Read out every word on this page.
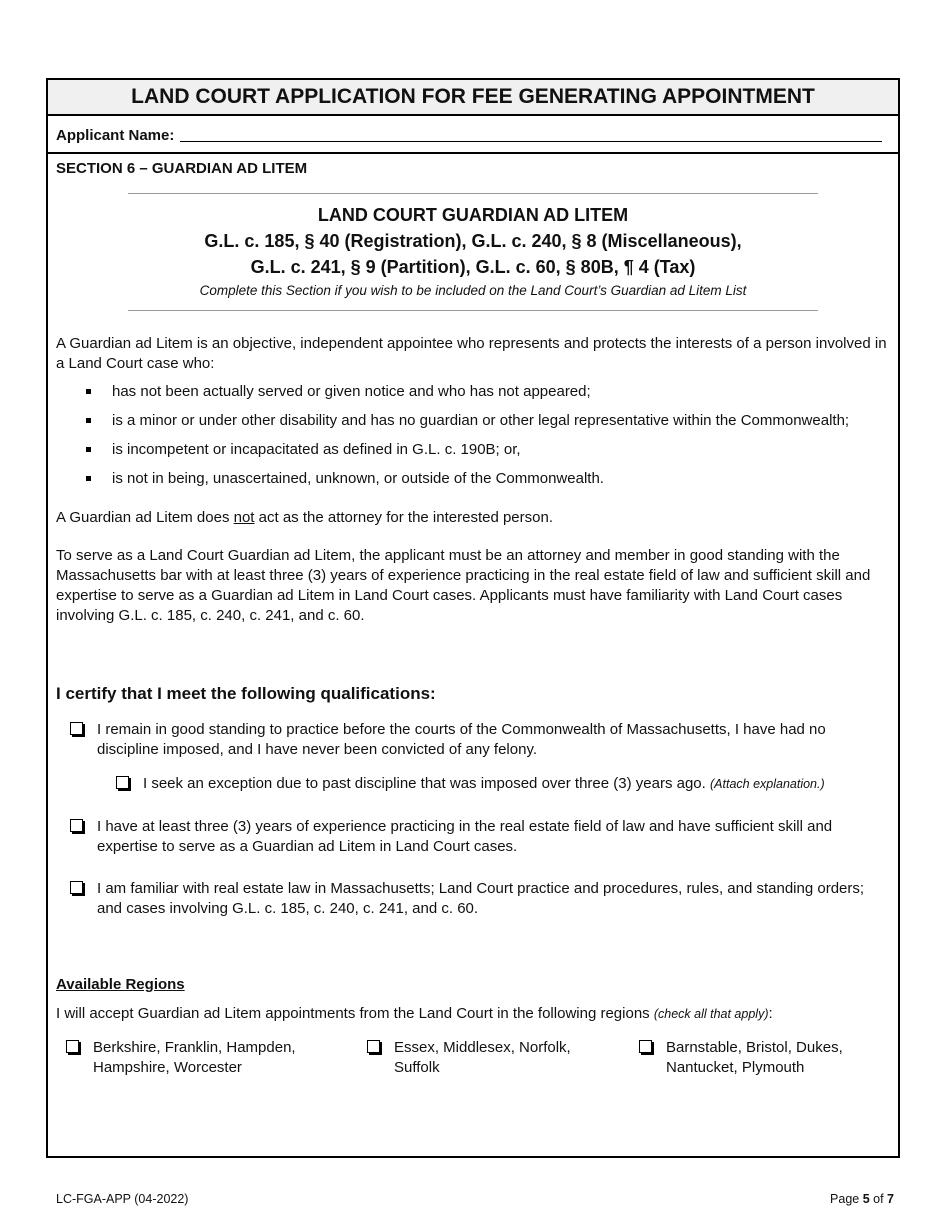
LAND COURT APPLICATION FOR FEE GENERATING APPOINTMENT
Applicant Name:
SECTION 6 – GUARDIAN AD LITEM
LAND COURT GUARDIAN AD LITEM
G.L. c. 185, § 40 (Registration), G.L. c. 240, § 8 (Miscellaneous),
G.L. c. 241, § 9 (Partition), G.L. c. 60, § 80B, ¶ 4 (Tax)
Complete this Section if you wish to be included on the Land Court’s Guardian ad Litem List
A Guardian ad Litem is an objective, independent appointee who represents and protects the interests of a person involved in a Land Court case who:
has not been actually served or given notice and who has not appeared;
is a minor or under other disability and has no guardian or other legal representative within the Commonwealth;
is incompetent or incapacitated as defined in G.L. c. 190B; or,
is not in being, unascertained, unknown, or outside of the Commonwealth.
A Guardian ad Litem does not act as the attorney for the interested person.
To serve as a Land Court Guardian ad Litem, the applicant must be an attorney and member in good standing with the Massachusetts bar with at least three (3) years of experience practicing in the real estate field of law and sufficient skill and expertise to serve as a Guardian ad Litem in Land Court cases. Applicants must have familiarity with Land Court cases involving G.L. c. 185, c. 240, c. 241, and c. 60.
I certify that I meet the following qualifications:
I remain in good standing to practice before the courts of the Commonwealth of Massachusetts, I have had no discipline imposed, and I have never been convicted of any felony.
I seek an exception due to past discipline that was imposed over three (3) years ago. (Attach explanation.)
I have at least three (3) years of experience practicing in the real estate field of law and have sufficient skill and expertise to serve as a Guardian ad Litem in Land Court cases.
I am familiar with real estate law in Massachusetts; Land Court practice and procedures, rules, and standing orders; and cases involving G.L. c. 185, c. 240, c. 241, and c. 60.
Available Regions
I will accept Guardian ad Litem appointments from the Land Court in the following regions (check all that apply):
Berkshire, Franklin, Hampden,
Hampshire, Worcester
Essex, Middlesex, Norfolk,
Suffolk
Barnstable, Bristol, Dukes,
Nantucket, Plymouth
LC-FGA-APP (04-2022)	Page 5 of 7
